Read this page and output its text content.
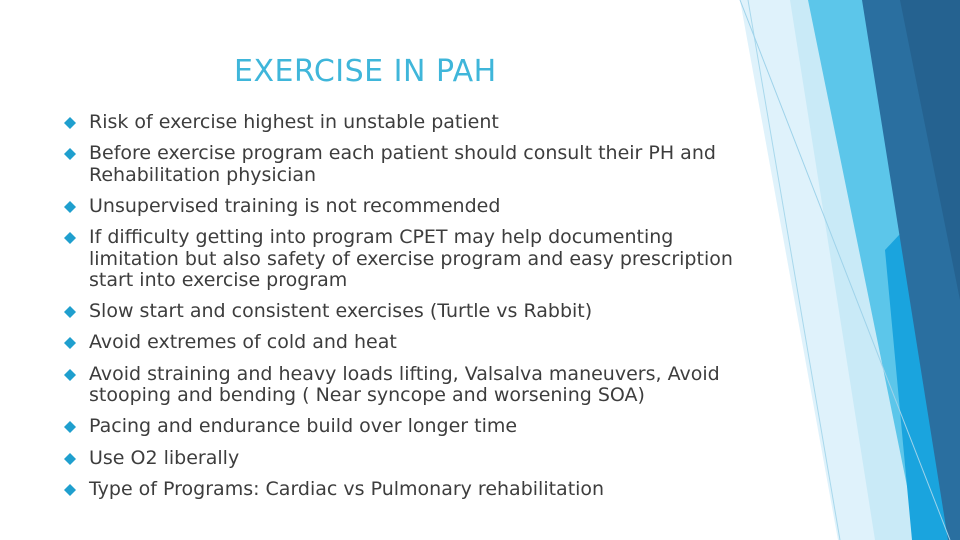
EXERCISE IN PAH
Risk of exercise highest in unstable patient
Before exercise program each patient should consult their PH and Rehabilitation physician
Unsupervised training is not recommended
If difficulty getting into program CPET may help documenting limitation but also safety of exercise program and easy prescription start into exercise program
Slow start and consistent exercises (Turtle vs Rabbit)
Avoid extremes of cold and heat
Avoid straining and heavy loads lifting, Valsalva maneuvers, Avoid stooping and bending ( Near syncope and worsening SOA)
Pacing and endurance build over longer time
Use O2 liberally
Type of Programs: Cardiac vs Pulmonary rehabilitation
